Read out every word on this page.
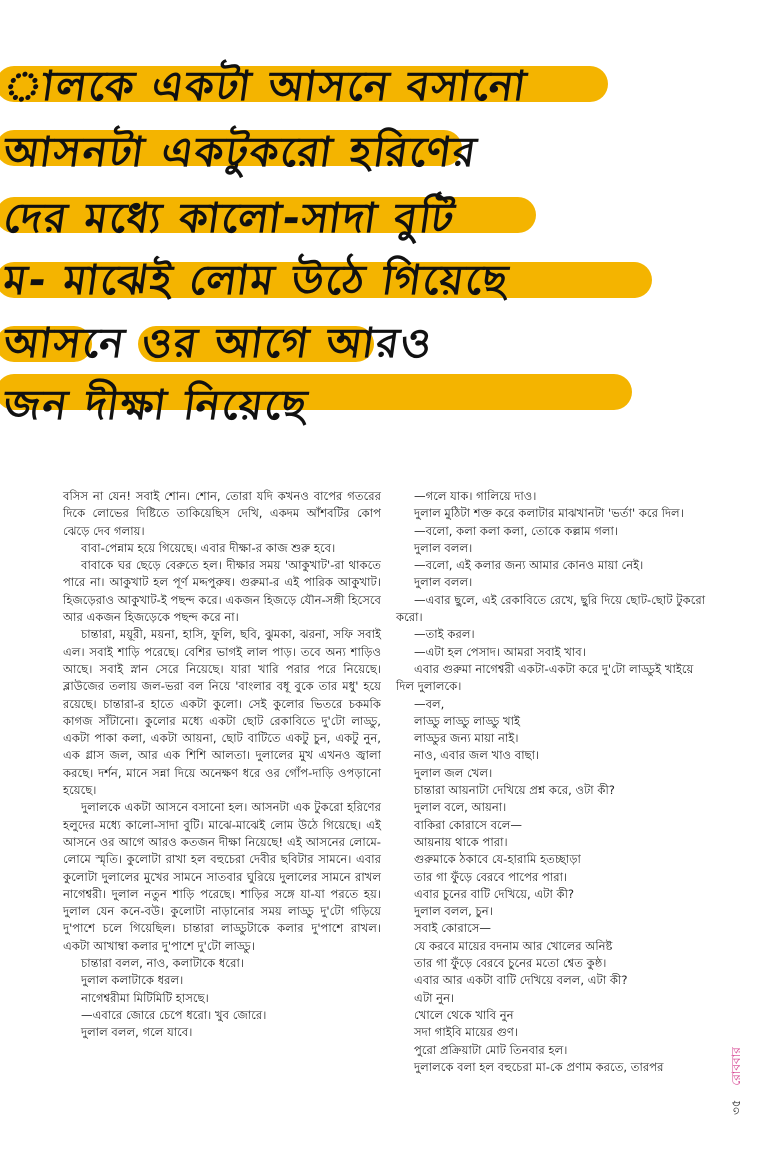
ালকে একটা আসনে বসানো
আসনটা একটুকরো হরিণের
দের মধ্যে কালো-সাদা বুটি
ম- মাঝেই লোম উঠে গিয়েছে
আসনে ওর আগে আরও
জন দীক্ষা নিয়েছে

বসিস না যেন! সবাই শোন। শোন, তোরা যদি কখনও বাপের গতরের দিকে লোভের দিষ্টিতে তাকিয়েছিস দেখি, একদম আঁশবটির কোপ ঝেড়ে দেব গলায়।

বাবা-পেন্নাম হয়ে গিয়েছে। এবার দীক্ষা-র কাজ শুরু হবে।

বাবাকে ঘর ছেড়ে বেরুতে হল। দীক্ষার সময় 'আকুখাট'-রা থাকতে পারে না। আকুখাট হল পূর্ণ মদ্দপুরুষ। গুরুমা-র এই পারিক আকুখাট। হিজড়েরাও আকুখাট-ই পছন্দ করে। একজন হিজড়ে যৌন-সঙ্গী হিসেবে আর একজন হিজড়েকে পছন্দ করে না।

চান্তারা, ময়ূরী, ময়না, হাসি, ফুলি, ছবি, ঝুমকা, ঝরনা, সফি সবাই এল। সবাই শাড়ি পরেছে। বেশির ভাগই লাল পাড়। তবে অন্য শাড়িও আছে। সবাই স্নান সেরে নিয়েছে। যারা খারি পরার পরে নিয়েছে। ব্লাউজের তলায় জল-ভরা বল নিয়ে 'বাংলার বধূ বুকে তার মধু' হয়ে রয়েছে। চান্তারা-র হাতে একটা কুলো। সেই কুলোর ভিতরে চকমকি কাগজ সাঁটানো। কুলোর মধ্যে একটা ছোট রেকাবিতে দু'টো লাড্ডু, একটা পাকা কলা, একটা আয়না, ছোট বাটিতে একটু চুন, একটু নুন, এক গ্লাস জল, আর এক শিশি আলতা। দুলালের মুখ এখনও জ্বালা করছে। দর্শন, মানে সন্না দিয়ে অনেক্ষণ ধরে ওর গোঁপ-দাড়ি ওপড়ানো হয়েছে।

দুলালকে একটা আসনে বসানো হল। আসনটা এক টুকরো হরিণের হলুদের মধ্যে কালো-সাদা বুটি। মাঝে-মাঝেই লোম উঠে গিয়েছে। এই আসনে ওর আগে আরও কতজন দীক্ষা নিয়েছে! এই আসনের লোমে-লোমে স্মৃতি। কুলোটা রাখা হল বহুচেরা দেবীর ছবিটার সামনে। এবার কুলোটা দুলালের মুখের সামনে সাতবার ঘুরিয়ে দুলালের সামনে রাখল নাগেশ্বরী। দুলাল নতুন শাড়ি পরেছে। শাড়ির সঙ্গে যা-যা পরতে হয়। দুলাল যেন কনে-বউ। কুলোটা নাড়ানোর সময় লাড্ডু দু'টো গড়িয়ে দু'পাশে চলে গিয়েছিল। চান্তারা লাড্ডুটাকে কলার দু'পাশে রাখল। একটা আখাম্বা কলার দু'পাশে দু'টো লাড্ডু।

চান্তারা বলল, নাও, কলাটাকে ধরো।

দুলাল কলাটাকে ধরল।

নাগেশ্বরীমা মিটিমিটি হাসছে।

—এবারে জোরে চেপে ধরো। খুব জোরে।

দুলাল বলল, গলে যাবে।

—গলে যাক। গালিয়ে দাও।

দুলাল মুঠিটা শক্ত করে কলাটার মাঝখানটা 'ভর্তা' করে দিল।

—বলো, কলা কলা কলা, তোকে কল্লাম গলা।

দুলাল বলল।

—বলো, এই কলার জন্য আমার কোনও মায়া নেই।

দুলাল বলল।

—এবার ছুলে, এই রেকাবিতে রেখে, ছুরি দিয়ে ছোট-ছোট টুকরো করো।

—তাই করল।

—এটা হল পেসাদ। আমরা সবাই খাব।

এবার গুরুমা নাগেশ্বরী একটা-একটা করে দু'টো লাড্ডুই খাইয়ে দিল দুলালকে।

—বল,

লাড্ডু লাড্ডু লাড্ডু খাই

লাড্ডুর জন্য মায়া নাই।

নাও, এবার জল খাও বাছা।

দুলাল জল খেল।

চান্তারা আয়নাটা দেখিয়ে প্রশ্ন করে, ওটা কী?

দুলাল বলে, আয়না।

বাকিরা কোরাসে বলে—

আয়নায় থাকে পারা।

গুরুমাকে ঠকাবে যে-হারামি হতচ্ছাড়া

তার গা ফুঁড়ে বেরবে পাপের পারা।

এবার চুনের বাটি দেখিয়ে, এটা কী?

দুলাল বলল, চুন।

সবাই কোরাসে—

যে করবে মায়ের বদনাম আর খোলের অনিষ্ট

তার গা ফুঁড়ে বেরবে চুনের মতো শ্বেত কুষ্ঠ।

এবার আর একটা বাটি দেখিয়ে বলল, এটা কী?

এটা নুন।

খোলে থেকে খাবি নুন

সদা গাইবি মায়ের গুণ।

পুরো প্রক্রিয়াটা মোট তিনবার হল।

দুলালকে বলা হল বহুচেরা মা-কে প্রণাম করতে, তারপর

৩৫ রোববার
